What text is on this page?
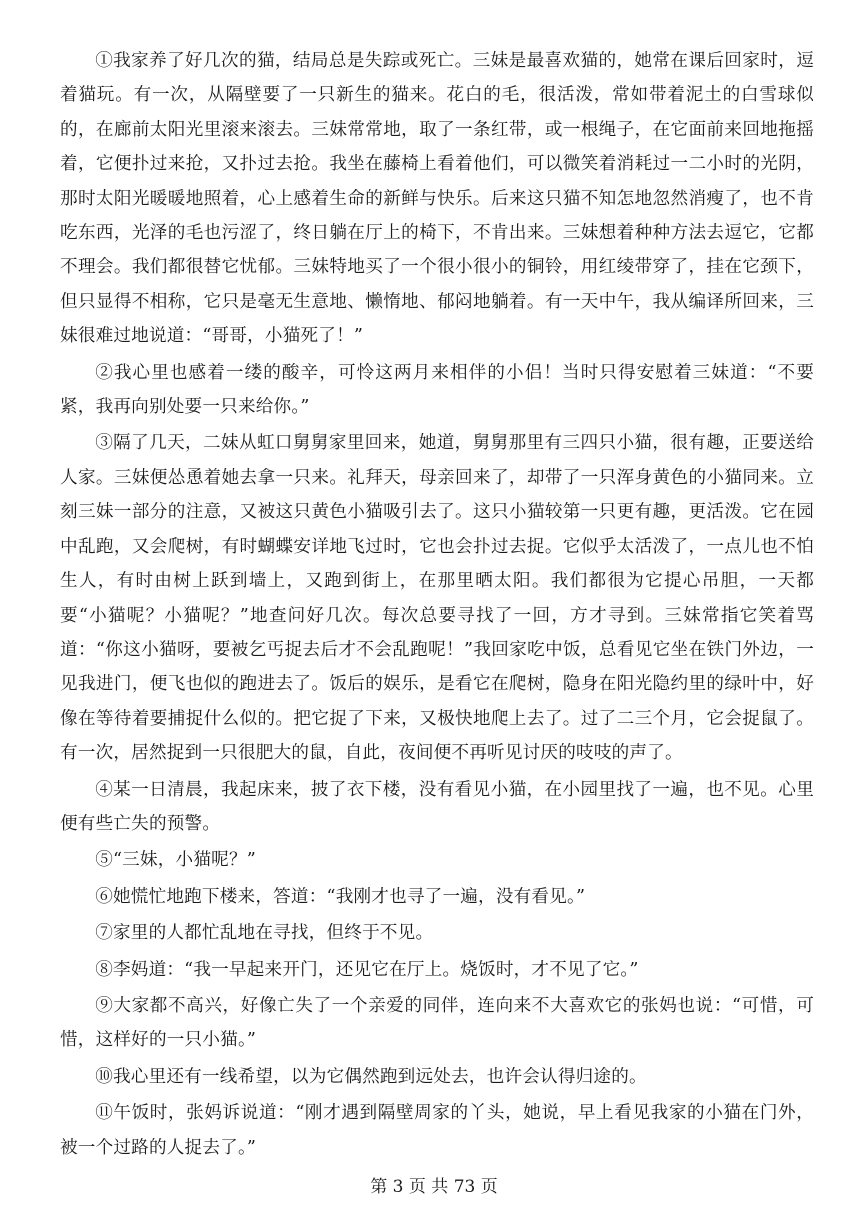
①我家养了好几次的猫，结局总是失踪或死亡。三妹是最喜欢猫的，她常在课后回家时，逗着猫玩。有一次，从隔壁要了一只新生的猫来。花白的毛，很活泼，常如带着泥土的白雪球似的，在廊前太阳光里滚来滚去。三妹常常地，取了一条红带，或一根绳子，在它面前来回地拖摇着，它便扑过来抢，又扑过去抢。我坐在藤椅上看着他们，可以微笑着消耗过一二小时的光阴，那时太阳光暖暖地照着，心上感着生命的新鲜与快乐。后来这只猫不知怎地忽然消瘦了，也不肯吃东西，光泽的毛也污涩了，终日躺在厅上的椅下，不肯出来。三妹想着种种方法去逗它，它都不理会。我们都很替它忧郁。三妹特地买了一个很小很小的铜铃，用红绫带穿了，挂在它颈下，但只显得不相称，它只是毫无生意地、懒惰地、郁闷地躺着。有一天中午，我从编译所回来，三妹很难过地说道：“哥哥，小猫死了！”

②我心里也感着一缕的酸辛，可怜这两月来相伴的小侣！当时只得安慰着三妹道：“不要紧，我再向别处要一只来给你。”

③隔了几天，二妹从虹口舅舅家里回来，她道，舅舅那里有三四只小猫，很有趣，正要送给人家。三妹便怂恿着她去拿一只来。礼拜天，母亲回来了，却带了一只浑身黄色的小猫同来。立刻三妹一部分的注意，又被这只黄色小猫吸引去了。这只小猫较第一只更有趣，更活泼。它在园中乱跑，又会爬树，有时蝴蝶安详地飞过时，它也会扑过去捉。它似乎太活泼了，一点儿也不怕生人，有时由树上跃到墙上，又跑到街上，在那里晒太阳。我们都很为它提心吊胆，一天都要“小猫呢？小猫呢？”地查问好几次。每次总要寻找了一回，方才寻到。三妹常指它笑着骂道：“你这小猫呀，要被乞丐捉去后才不会乱跑呢！”我回家吃中饭，总看见它坐在铁门外边，一见我进门，便飞也似的跑进去了。饭后的娱乐，是看它在爬树，隐身在阳光隐约里的绿叶中，好像在等待着要捕捉什么似的。把它捉了下来，又极快地爬上去了。过了二三个月，它会捉鼠了。有一次，居然捉到一只很肥大的鼠，自此，夜间便不再听见讨厌的吱吱的声了。

④某一日清晨，我起床来，披了衣下楼，没有看见小猫，在小园里找了一遍，也不见。心里便有些亡失的预警。

⑤“三妹，小猫呢？”

⑥她慌忙地跑下楼来，答道：“我刚才也寻了一遍，没有看见。”

⑦家里的人都忙乱地在寻找，但终于不见。

⑧李妈道：“我一早起来开门，还见它在厅上。烧饭时，才不见了它。”

⑨大家都不高兴，好像亡失了一个亲爱的同伴，连向来不大喜欢它的张妈也说：“可惜，可惜，这样好的一只小猫。”

⑩我心里还有一线希望，以为它偶然跑到远处去，也许会认得归途的。

⑪午饭时，张妈诉说道：“刚才遇到隔壁周家的丫头，她说，早上看见我家的小猫在门外，被一个过路的人捉去了。”

第 3 页 共 73 页
